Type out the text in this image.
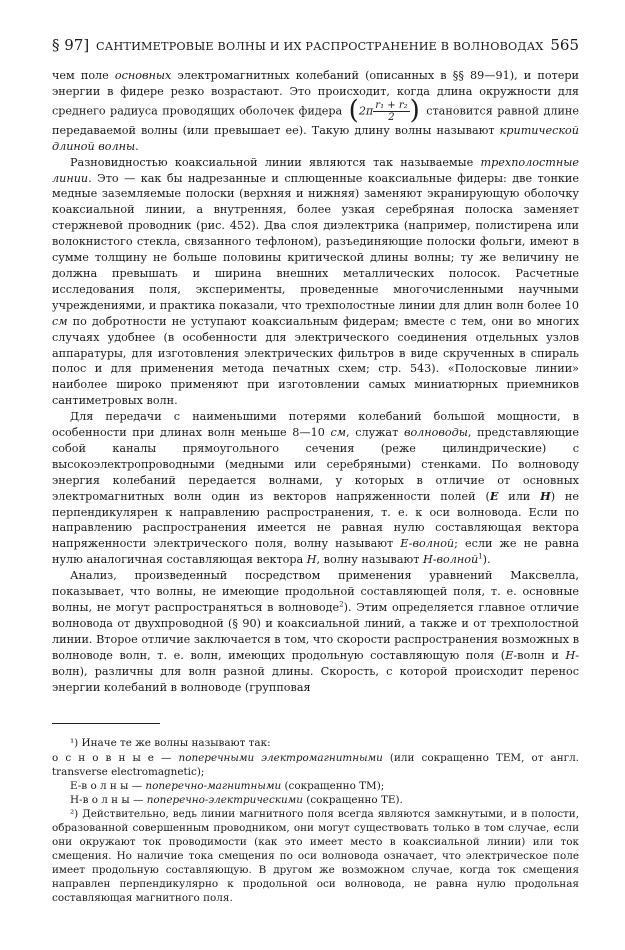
§ 97] САНТИМЕТРОВЫЕ ВОЛНЫ И ИХ РАСПРОСТРАНЕНИЕ В ВОЛНОВОДАХ 565

чем поле основных электромагнитных колебаний (описанных в §§ 89—91), и потери энергии в фидере резко возрастают. Это происходит, когда длина окружности для среднего радиуса проводящих оболочек фидера ($2\pi \frac{\text{r₁ + r₂}}{2}$ ) становится равной длине передаваемой волны (или превышает ее). Такую длину волны называют критической длиной волны.

Разновидностью коаксиальной линии являются так называемые трехполостные линии. Это — как бы надрезанные и сплющенные коаксиальные фидеры: две тонкие медные заземляемые полоски (верхняя и нижняя) заменяют экранирующую оболочку коаксиальной линии, а внутренняя, более узкая серебряная полоска заменяет стержневой проводник (рис. 452). Два слоя диэлектрика (например, полистирена или волокнистого стекла, связанного тефлоном), разъединяющие полоски фольги, имеют в сумме толщину не больше половины критической длины волны; ту же величину не должна превышать и ширина внешних металлических полосок. Расчетные исследования поля, эксперименты, проведенные многочисленными научными учреждениями, и практика показали, что трехполостные линии для длин волн более 10 см по добротности не уступают коаксиальным фидерам; вместе с тем, они во многих случаях удобнее (в особенности для электрического соединения отдельных узлов аппаратуры, для изготовления электрических фильтров в виде скрученных в спираль полос и для применения метода печатных схем; стр. 543). «Полосковые линии» наиболее широко применяют при изготовлении самых миниатюрных приемников сантиметровых волн.

Для передачи с наименьшими потерями колебаний большой мощности, в особенности при длинах волн меньше 8—10 см, служат волноводы, представляющие собой каналы прямоугольного сечения (реже цилиндрические) с высокоэлектропроводными (медными или серебряными) стенками. По волноводу энергия колебаний передается волнами, у которых в отличие от основных электромагнитных волн один из векторов напряженности полей (E или H) не перпендикулярен к направлению распространения, т. е. к оси волновода. Если по направлению распространения имеется не равная нулю составляющая вектора напряженности электрического поля, волну называют E-волной; если же не равна нулю аналогичная составляющая вектора H, волну называют H-волной$^1$).

Анализ, произведенный посредством применения уравнений Максвелла, показывает, что волны, не имеющие продольной составляющей поля, т. е. основные волны, не могут распространяться в волноводе$^2$). Этим определяется главное отличие волновода от двухпроводной (§ 90) и коаксиальной линий, а также и от трехполостной линии. Второе отличие заключается в том, что скорости распространения возможных в волноводе волн, т. е. волн, имеющих продольную составляющую поля (E-волн и H-волн), различны для волн разной длины. Скорость, с которой происходит перенос энергии колебаний в волноводе (групповая

¹) Иначе те же волны называют так:

о с н о в н ы е — поперечными электромагнитными (или сокращенно ТЕМ, от англ. transverse electromagnetic);

E-в о л н ы — поперечно-магнитными (сокращенно ТМ);

H-в о л н ы — поперечно-электрическими (сокращенно ТЕ).

²) Действительно, ведь линии магнитного поля всегда являются замкнутыми, и в полости, образованной совершенным проводником, они могут существовать только в том случае, если они окружают ток проводимости (как это имеет место в коаксиальной линии) или ток смещения. Но наличие тока смещения по оси волновода означает, что электрическое поле имеет продольную составляющую. В другом же возможном случае, когда ток смещения направлен перпендикулярно к продольной оси волновода, не равна нулю продольная составляющая магнитного поля.
